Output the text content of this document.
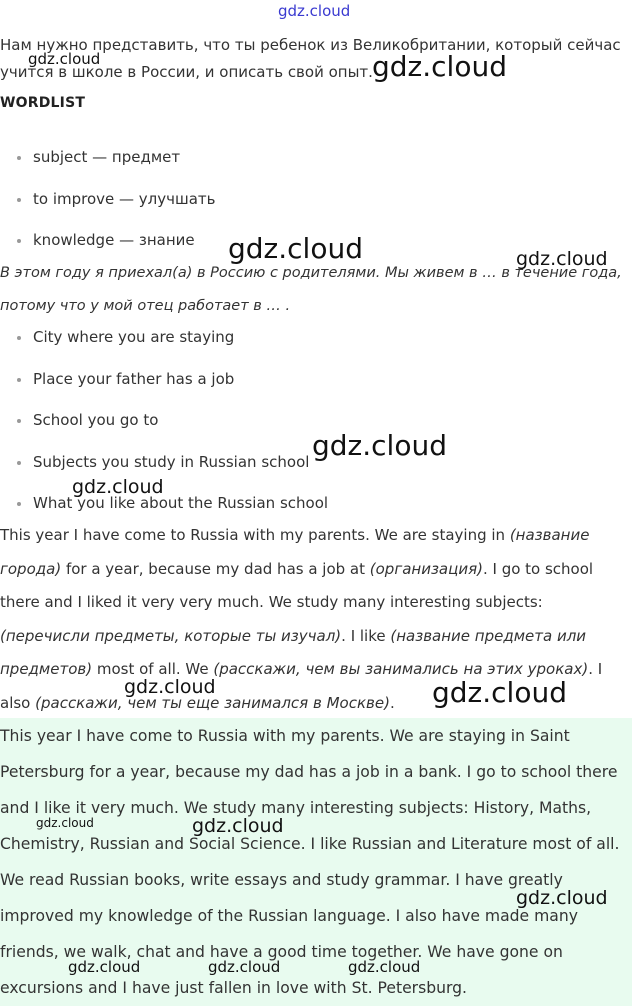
Нам нужно представить, что ты ребенок из Великобритании, который сейчас учится в школе в России, и описать свой опыт.
WORDLIST
subject — предмет
to improve — улучшать
knowledge — знание
В этом году я приехал(а) в Россию с родителями. Мы живем в … в течение года, потому что у мой отец работает в … .
City where you are staying
Place your father has a job
School you go to
Subjects you study in Russian school
What you like about the Russian school
This year I have come to Russia with my parents. We are staying in (название города) for a year, because my dad has a job at (организация). I go to school there and I liked it very very much. We study many interesting subjects: (перечисли предметы, которые ты изучал). I like (название предмета или предметов) most of all. We (расскажи, чем вы занимались на этих уроках). I also (расскажи, чем ты еще занимался в Москве).

This year I have come to Russia with my parents. We are staying in Saint Petersburg for a year, because my dad has a job in a bank. I go to school there and I like it very much. We study many interesting subjects: History, Maths, Chemistry, Russian and Social Science. I like Russian and Literature most of all. We read Russian books, write essays and study grammar. I have greatly improved my knowledge of the Russian language. I also have made many friends, we walk, chat and have a good time together. We have gone on excursions and I have just fallen in love with St. Petersburg.

gdz.cloud
gdz.cloud	gdz.cloud
gdz.cloud	gdz.cloud
gdz.cloud
gdz.cloud
gdz.cloud	gdz.cloud
gdz.cloud	gdz.cloud
gdz.cloud
gdz.cloud	gdz.cloud	gdz.cloud
